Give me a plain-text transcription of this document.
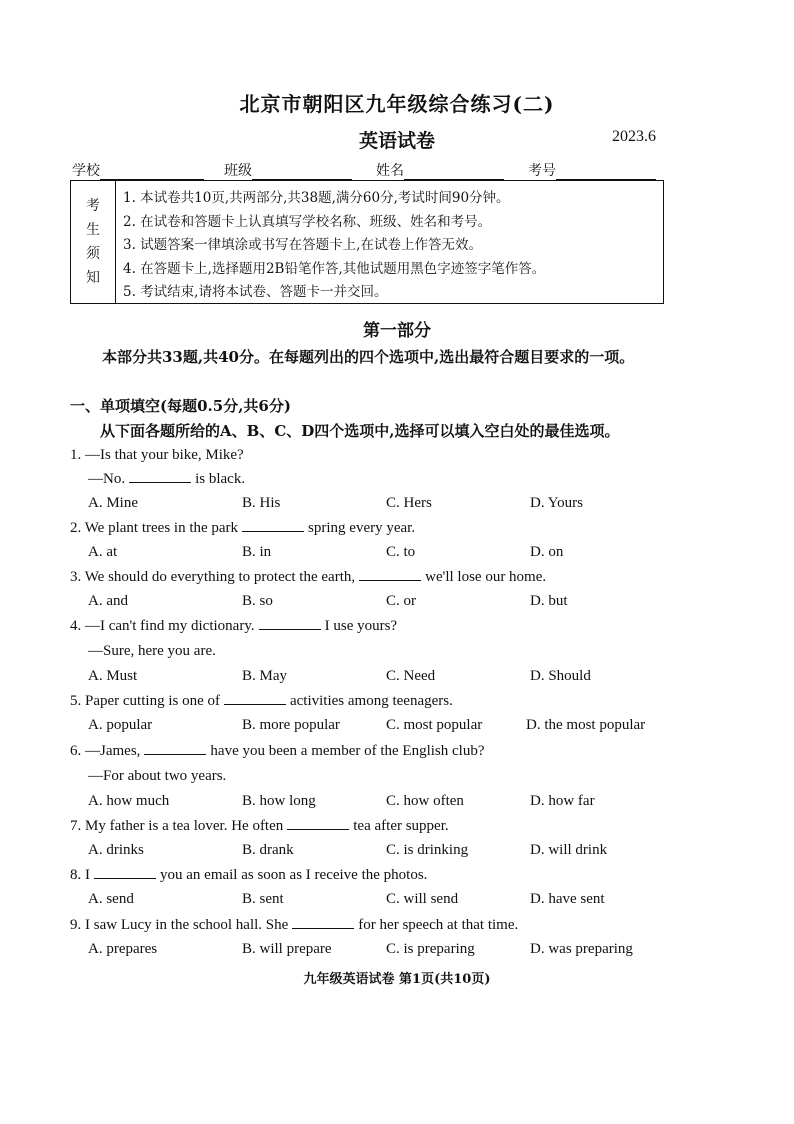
北京市朝阳区九年级综合练习(二)
英语试卷	2023.6
学校	班级	姓名	考号
考
生
须
知
1. 本试卷共10页,共两部分,共38题,满分60分,考试时间90分钟。
2. 在试卷和答题卡上认真填写学校名称、班级、姓名和考号。
3. 试题答案一律填涂或书写在答题卡上,在试卷上作答无效。
4. 在答题卡上,选择题用2B铅笔作答,其他试题用黑色字迹签字笔作答。
5. 考试结束,请将本试卷、答题卡一并交回。
第一部分
本部分共33题,共40分。在每题列出的四个选项中,选出最符合题目要求的一项。
一、单项填空(每题0.5分,共6分)
从下面各题所给的A、B、C、D四个选项中,选择可以填入空白处的最佳选项。
1. —Is that your bike, Mike?
—No.	is black.
A. Mine	B. His	C. Hers	D. Yours
2. We plant trees in the park	spring every year.
A. at	B. in	C. to	D. on
3. We should do everything to protect the earth,	we'll lose our home.
A. and	B. so	C. or	D. but
4. —I can't find my dictionary.	I use yours?
—Sure, here you are.
A. Must	B. May	C. Need	D. Should
5. Paper cutting is one of	activities among teenagers.
A. popular	B. more popular	C. most popular	D. the most popular
6. —James,	have you been a member of the English club?
—For about two years.
A. how much	B. how long	C. how often	D. how far
7. My father is a tea lover. He often	tea after supper.
A. drinks	B. drank	C. is drinking	D. will drink
8. I	you an email as soon as I receive the photos.
A. send	B. sent	C. will send	D. have sent
9. I saw Lucy in the school hall. She	for her speech at that time.
A. prepares	B. will prepare	C. is preparing	D. was preparing
九年级英语试卷 第1页(共10页)
